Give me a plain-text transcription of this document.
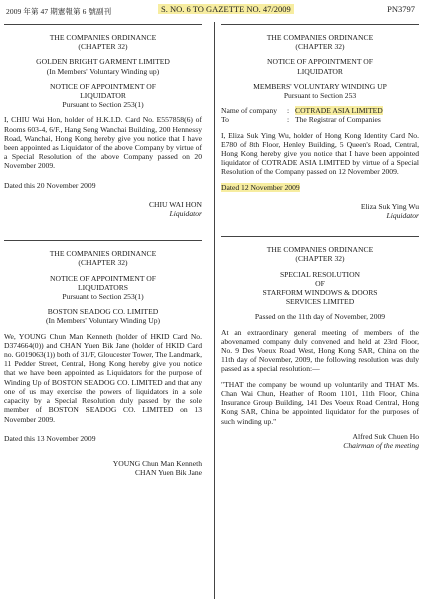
2009 年第 47 期憲報第 6 號副刊	S. NO. 6 TO GAZETTE NO. 47/2009	PN3797
THE COMPANIES ORDINANCE
(CHAPTER 32)
GOLDEN BRIGHT GARMENT LIMITED
(In Members' Voluntary Winding up)
NOTICE OF APPOINTMENT OF
LIQUIDATOR
Pursuant to Section 253(1)
I, CHIU Wai Hon, holder of H.K.I.D. Card No. E557858(6) of Rooms 603-4, 6/F., Hang Seng Wanchai Building, 200 Hennessy Road, Wanchai, Hong Kong hereby give you notice that I have been appointed as Liquidator of the above Company by virtue of a Special Resolution of the above Company passed on 20 November 2009.
Dated this 20 November 2009
CHIU WAI HON
Liquidator
THE COMPANIES ORDINANCE
(CHAPTER 32)
NOTICE OF APPOINTMENT OF
LIQUIDATORS
Pursuant to Section 253(1)
BOSTON SEADOG CO. LIMITED
(In Members' Voluntary Winding Up)
We, YOUNG Chun Man Kenneth (holder of HKID Card No. D374664(0)) and CHAN Yuen Bik Jane (holder of HKID Card no. G019063(1)) both of 31/F, Gloucester Tower, The Landmark, 11 Pedder Street, Central, Hong Kong hereby give you notice that we have been appointed as Liquidators for the purpose of Winding Up of BOSTON SEADOG CO. LIMITED and that any one of us may exercise the powers of liquidators in a sole capacity by a Special Resolution duly passed by the sole member of BOSTON SEADOG CO. LIMITED on 13 November 2009.
Dated this 13 November 2009
YOUNG Chun Man Kenneth
CHAN Yuen Bik Jane
THE COMPANIES ORDINANCE
(CHAPTER 32)
NOTICE OF APPOINTMENT OF
LIQUIDATOR
MEMBERS' VOLUNTARY WINDING UP
Pursuant to Section 253
Name of company	: COTRADE ASIA LIMITED
To	: The Registrar of Companies
I, Eliza Suk Ying Wu, holder of Hong Kong Identity Card No. E780 of 8th Floor, Henley Building, 5 Queen's Road, Central, Hong Kong hereby give you notice that I have been appointed liquidator of COTRADE ASIA LIMITED by virtue of a Special Resolution of the Company passed on 12 November 2009.
Dated 12 November 2009
Eliza Suk Ying Wu
Liquidator
THE COMPANIES ORDINANCE
(CHAPTER 32)
SPECIAL RESOLUTION
OF
STARFORM WINDOWS & DOORS
SERVICES LIMITED
Passed on the 11th day of November, 2009
At an extraordinary general meeting of members of the abovenamed company duly convened and held at 23rd Floor, No. 9 Des Voeux Road West, Hong Kong SAR, China on the 11th day of November, 2009, the following resolution was duly passed as a special resolution:—
"THAT the company be wound up voluntarily and THAT Ms. Chan Wai Chun, Heather of Room 1101, 11th Floor, China Insurance Group Building, 141 Des Voeux Road Central, Hong Kong SAR, China be appointed liquidator for the purposes of such winding up."
Alfred Suk Chuen Ho
Chairman of the meeting
